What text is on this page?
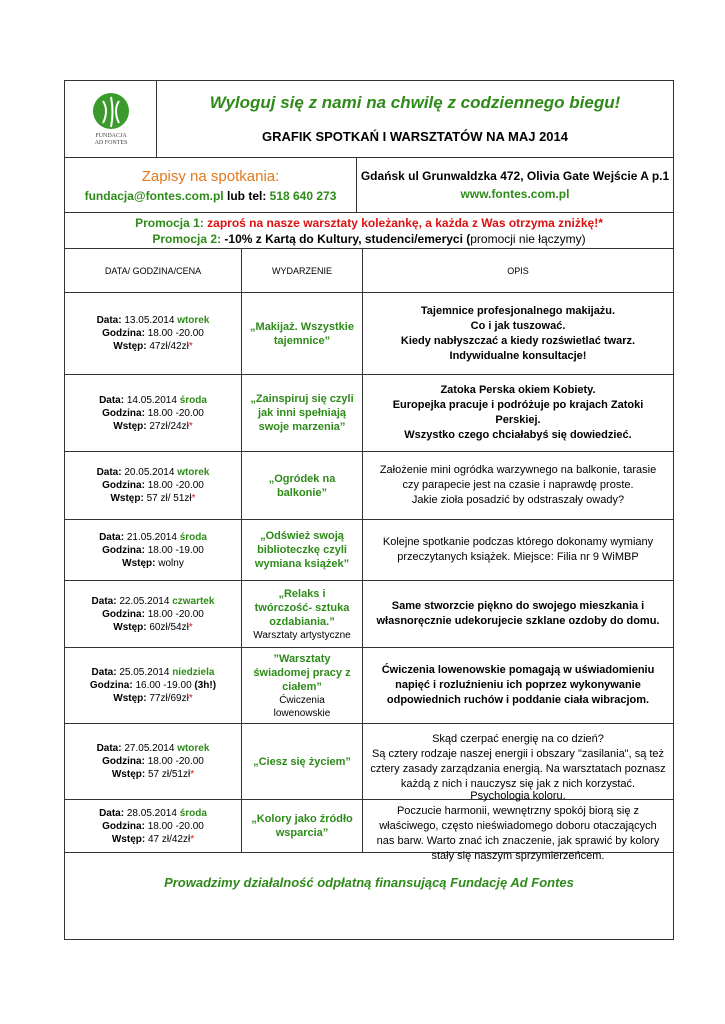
FUNDACJA
AD FONTES
Wyloguj się z nami na chwilę z codziennego biegu!
GRAFIK SPOTKAŃ I WARSZTATÓW NA MAJ 2014
Zapisy na spotkania:
fundacja@fontes.com.pl lub tel: 518 640 273
Gdańsk ul Grunwaldzka 472, Olivia Gate Wejście A p.1
www.fontes.com.pl
Promocja 1: zaproś na nasze warsztaty koleżankę, a każda z Was otrzyma zniżkę!*
Promocja 2: -10% z Kartą do Kultury, studenci/emeryci (promocji nie łączymy)
DATA/ GODZINA/CENA	WYDARZENIE	OPIS
Data: 13.05.2014 wtorek
Godzina: 18.00 -20.00
Wstęp: 47zł/42zł*
„Makijaż. Wszystkie tajemnice”
Tajemnice profesjonalnego makijażu.
Co i jak tuszować.
Kiedy nabłyszczać a kiedy rozświetlać twarz.
Indywidualne konsultacje!
Data: 14.05.2014 środa
Godzina: 18.00 -20.00
Wstęp: 27zł/24zł*
„Zainspiruj się czyli jak inni spełniają swoje marzenia”
Zatoka Perska okiem Kobiety.
Europejka pracuje i podróżuje po krajach Zatoki Perskiej.
Wszystko czego chciałabyś się dowiedzieć.
Data: 20.05.2014 wtorek
Godzina: 18.00 -20.00
Wstęp: 57 zł/ 51zł*
„Ogródek na balkonie”
Założenie mini ogródka warzywnego na balkonie, tarasie
czy parapecie jest na czasie i naprawdę proste.
Jakie zioła posadzić by odstraszały owady?
Data: 21.05.2014 środa
Godzina: 18.00 -19.00
Wstęp: wolny
„Odśwież swoją biblioteczkę czyli wymiana książek”
Kolejne spotkanie podczas którego dokonamy wymiany
przeczytanych książek. Miejsce: Filia nr 9 WiMBP
Data: 22.05.2014 czwartek
Godzina: 18.00 -20.00
Wstęp: 60zł/54zł*
„Relaks i twórczość- sztuka ozdabiania.”
Warsztaty artystyczne
Same stworzcie piękno do swojego mieszkania i
własnoręcznie udekorujecie szklane ozdoby do domu.
Data: 25.05.2014 niedziela
Godzina: 16.00 -19.00 (3h!)
Wstęp: 77zł/69zł*
”Warsztaty świadomej pracy z ciałem”
Ćwiczenia lowenowskie
Ćwiczenia lowenowskie pomagają w uświadomieniu
napięć i rozluźnieniu ich poprzez wykonywanie
odpowiednich ruchów i poddanie ciała wibracjom.
Data: 27.05.2014 wtorek
Godzina: 18.00 -20.00
Wstęp: 57 zł/51zł*
„Ciesz się życiem”
Skąd czerpać energię na co dzień?
Są cztery rodzaje naszej energii i obszary "zasilania", są też
cztery zasady zarządzania energią. Na warsztatach poznasz
każdą z nich i nauczysz się jak z nich korzystać.
Data: 28.05.2014 środa
Godzina: 18.00 -20.00
Wstęp: 47 zł/42zł*
„Kolory jako źródło wsparcia”
Psychologia koloru.
Poczucie harmonii, wewnętrzny spokój biorą się z
właściwego, często nieświadomego doboru otaczających
nas barw. Warto znać ich znaczenie, jak sprawić by kolory
stały się naszym sprzymierzeńcem.
Prowadzimy działalność odpłatną finansującą Fundację Ad Fontes
